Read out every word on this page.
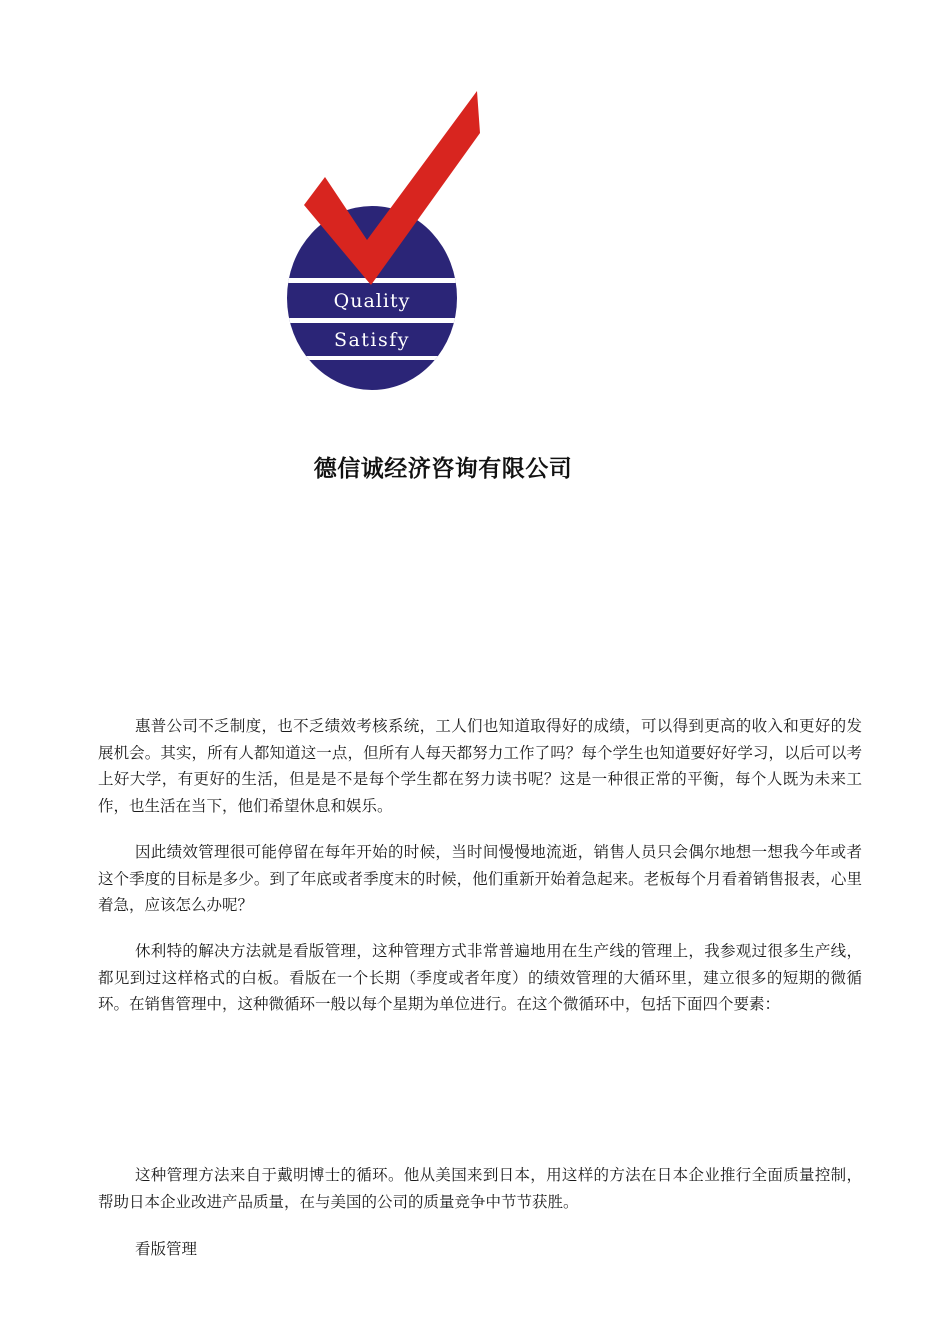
Quality
Satisfy
德信诚经济咨询有限公司

惠普公司不乏制度，也不乏绩效考核系统，工人们也知道取得好的成绩，可以得到更高的收入和更好的发展机会。其实，所有人都知道这一点，但所有人每天都努力工作了吗？每个学生也知道要好好学习，以后可以考上好大学，有更好的生活，但是是不是每个学生都在努力读书呢？这是一种很正常的平衡，每个人既为未来工作，也生活在当下，他们希望休息和娱乐。

因此绩效管理很可能停留在每年开始的时候，当时间慢慢地流逝，销售人员只会偶尔地想一想我今年或者这个季度的目标是多少。到了年底或者季度末的时候，他们重新开始着急起来。老板每个月看着销售报表，心里着急，应该怎么办呢？

休利特的解决方法就是看版管理，这种管理方式非常普遍地用在生产线的管理上，我参观过很多生产线，都见到过这样格式的白板。看版在一个长期（季度或者年度）的绩效管理的大循环里，建立很多的短期的微循环。在销售管理中，这种微循环一般以每个星期为单位进行。在这个微循环中，包括下面四个要素：

这种管理方法来自于戴明博士的循环。他从美国来到日本，用这样的方法在日本企业推行全面质量控制，帮助日本企业改进产品质量，在与美国的公司的质量竞争中节节获胜。

看版管理
